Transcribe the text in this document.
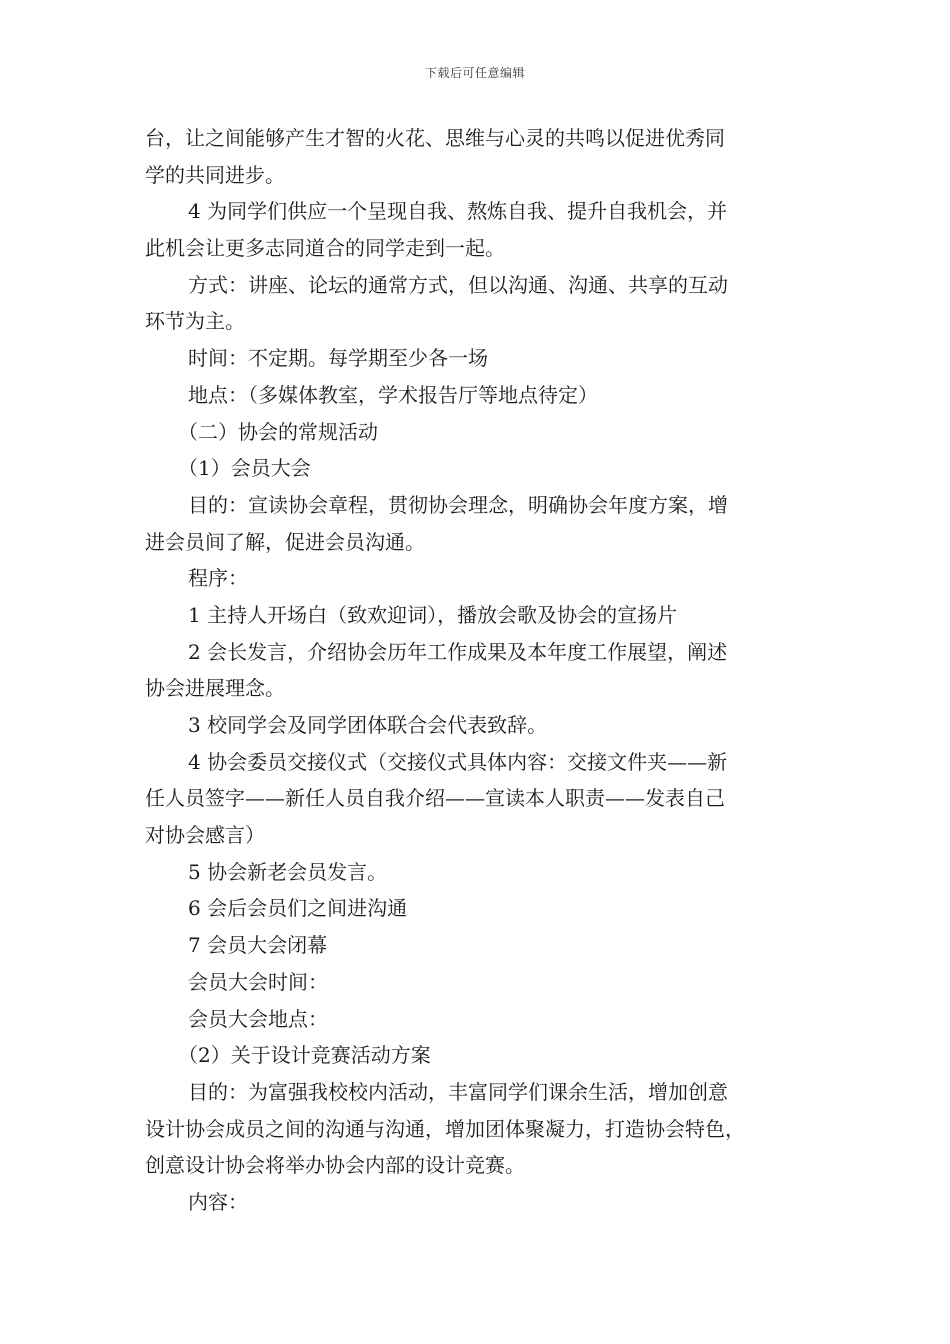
下载后可任意编辑
台，让之间能够产生才智的火花、思维与心灵的共鸣以促进优秀同
学的共同进步。
4 为同学们供应一个呈现自我、熬炼自我、提升自我机会，并
此机会让更多志同道合的同学走到一起。
方式：讲座、论坛的通常方式，但以沟通、沟通、共享的互动
环节为主。
时间：不定期。每学期至少各一场
地点：（多媒体教室，学术报告厅等地点待定）
（二）协会的常规活动
（1）会员大会
目的：宣读协会章程，贯彻协会理念，明确协会年度方案，增
进会员间了解，促进会员沟通。
程序：
1 主持人开场白（致欢迎词），播放会歌及协会的宣扬片
2 会长发言，介绍协会历年工作成果及本年度工作展望，阐述
协会进展理念。
3 校同学会及同学团体联合会代表致辞。
4 协会委员交接仪式（交接仪式具体内容：交接文件夹——新
任人员签字——新任人员自我介绍——宣读本人职责——发表自己
对协会感言）
5 协会新老会员发言。
6 会后会员们之间进沟通
7 会员大会闭幕
会员大会时间：
会员大会地点：
（2）关于设计竞赛活动方案
目的：为富强我校校内活动，丰富同学们课余生活，增加创意
设计协会成员之间的沟通与沟通，增加团体聚凝力，打造协会特色，
创意设计协会将举办协会内部的设计竞赛。
内容：
